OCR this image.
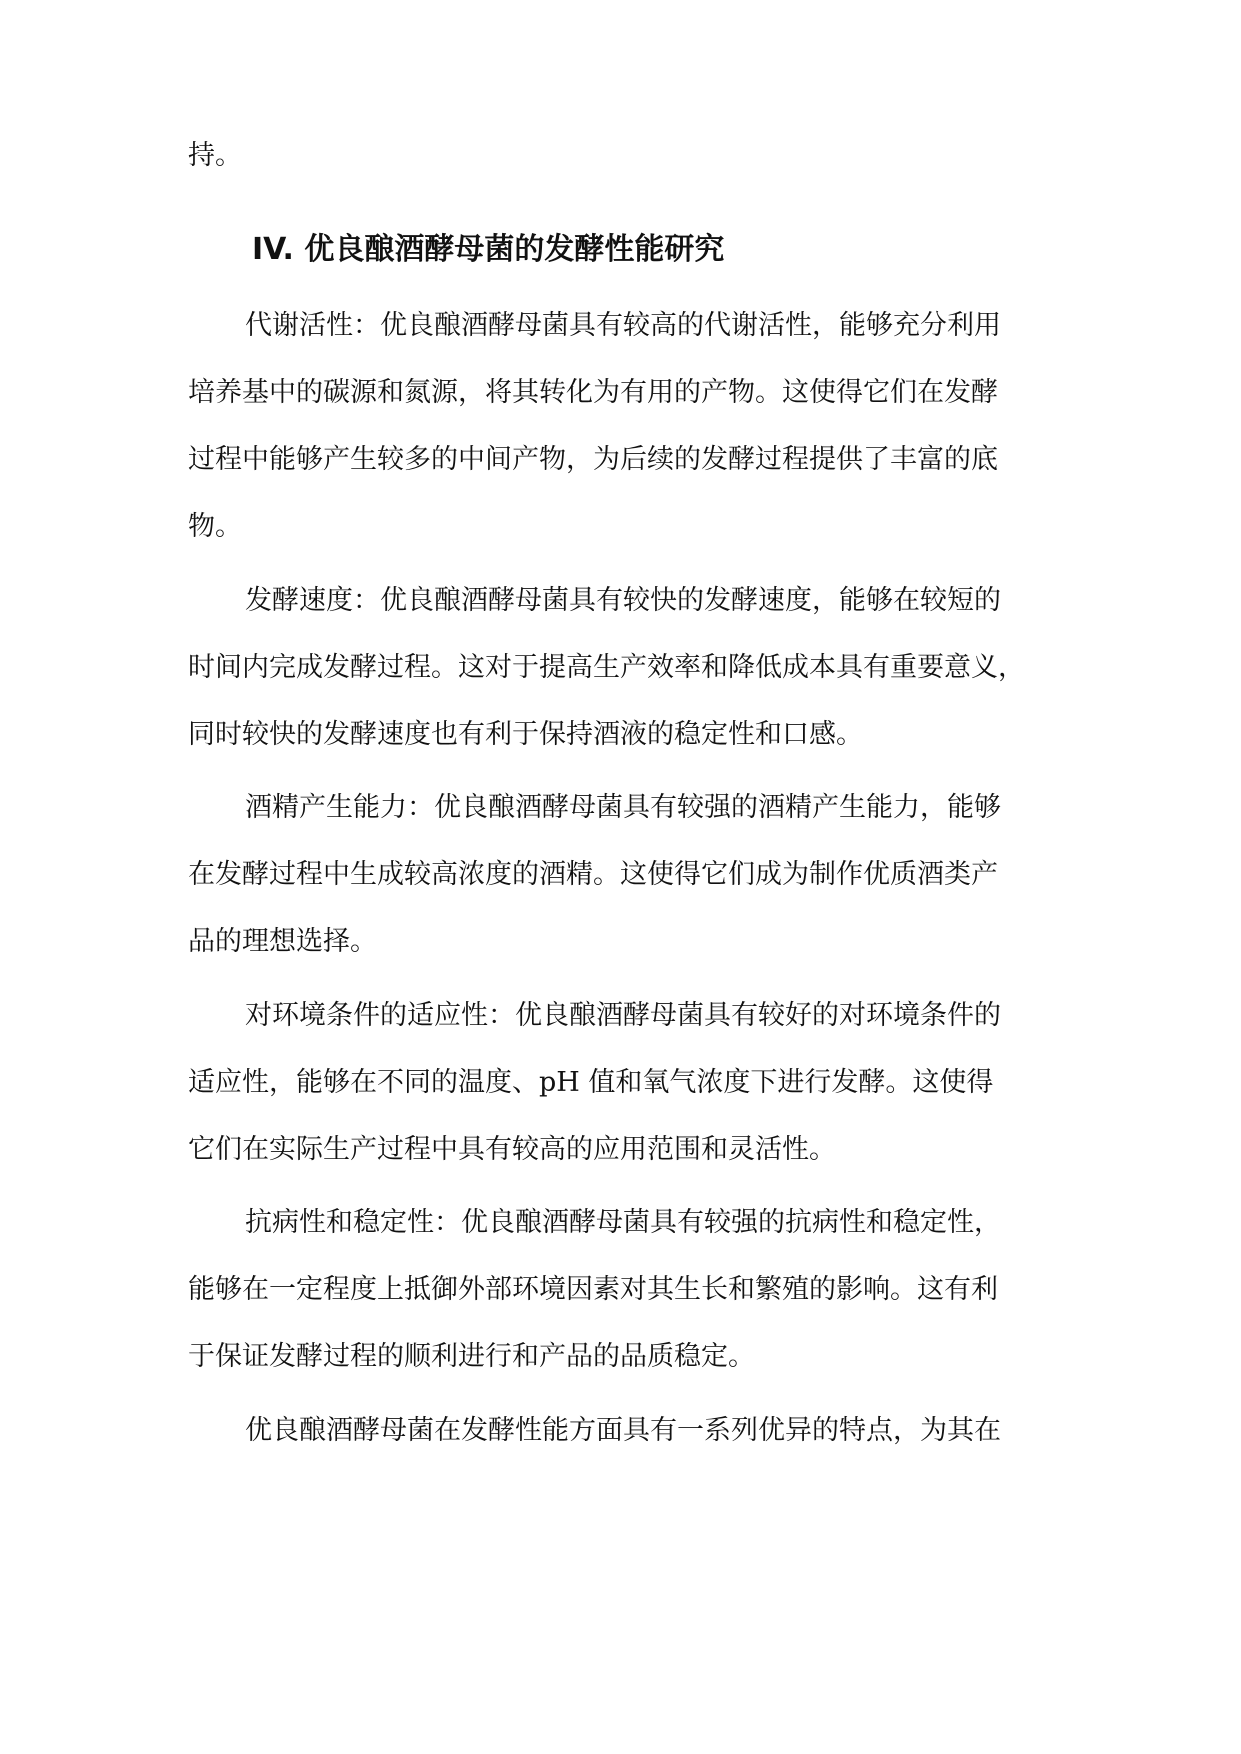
持。

IV. 优良酿酒酵母菌的发酵性能研究

代谢活性：优良酿酒酵母菌具有较高的代谢活性，能够充分利用

培养基中的碳源和氮源，将其转化为有用的产物。这使得它们在发酵

过程中能够产生较多的中间产物，为后续的发酵过程提供了丰富的底

物。

发酵速度：优良酿酒酵母菌具有较快的发酵速度，能够在较短的

时间内完成发酵过程。这对于提高生产效率和降低成本具有重要意义，

同时较快的发酵速度也有利于保持酒液的稳定性和口感。

酒精产生能力：优良酿酒酵母菌具有较强的酒精产生能力，能够

在发酵过程中生成较高浓度的酒精。这使得它们成为制作优质酒类产

品的理想选择。

对环境条件的适应性：优良酿酒酵母菌具有较好的对环境条件的

适应性，能够在不同的温度、pH 值和氧气浓度下进行发酵。这使得

它们在实际生产过程中具有较高的应用范围和灵活性。

抗病性和稳定性：优良酿酒酵母菌具有较强的抗病性和稳定性，

能够在一定程度上抵御外部环境因素对其生长和繁殖的影响。这有利

于保证发酵过程的顺利进行和产品的品质稳定。

优良酿酒酵母菌在发酵性能方面具有一系列优异的特点，为其在
